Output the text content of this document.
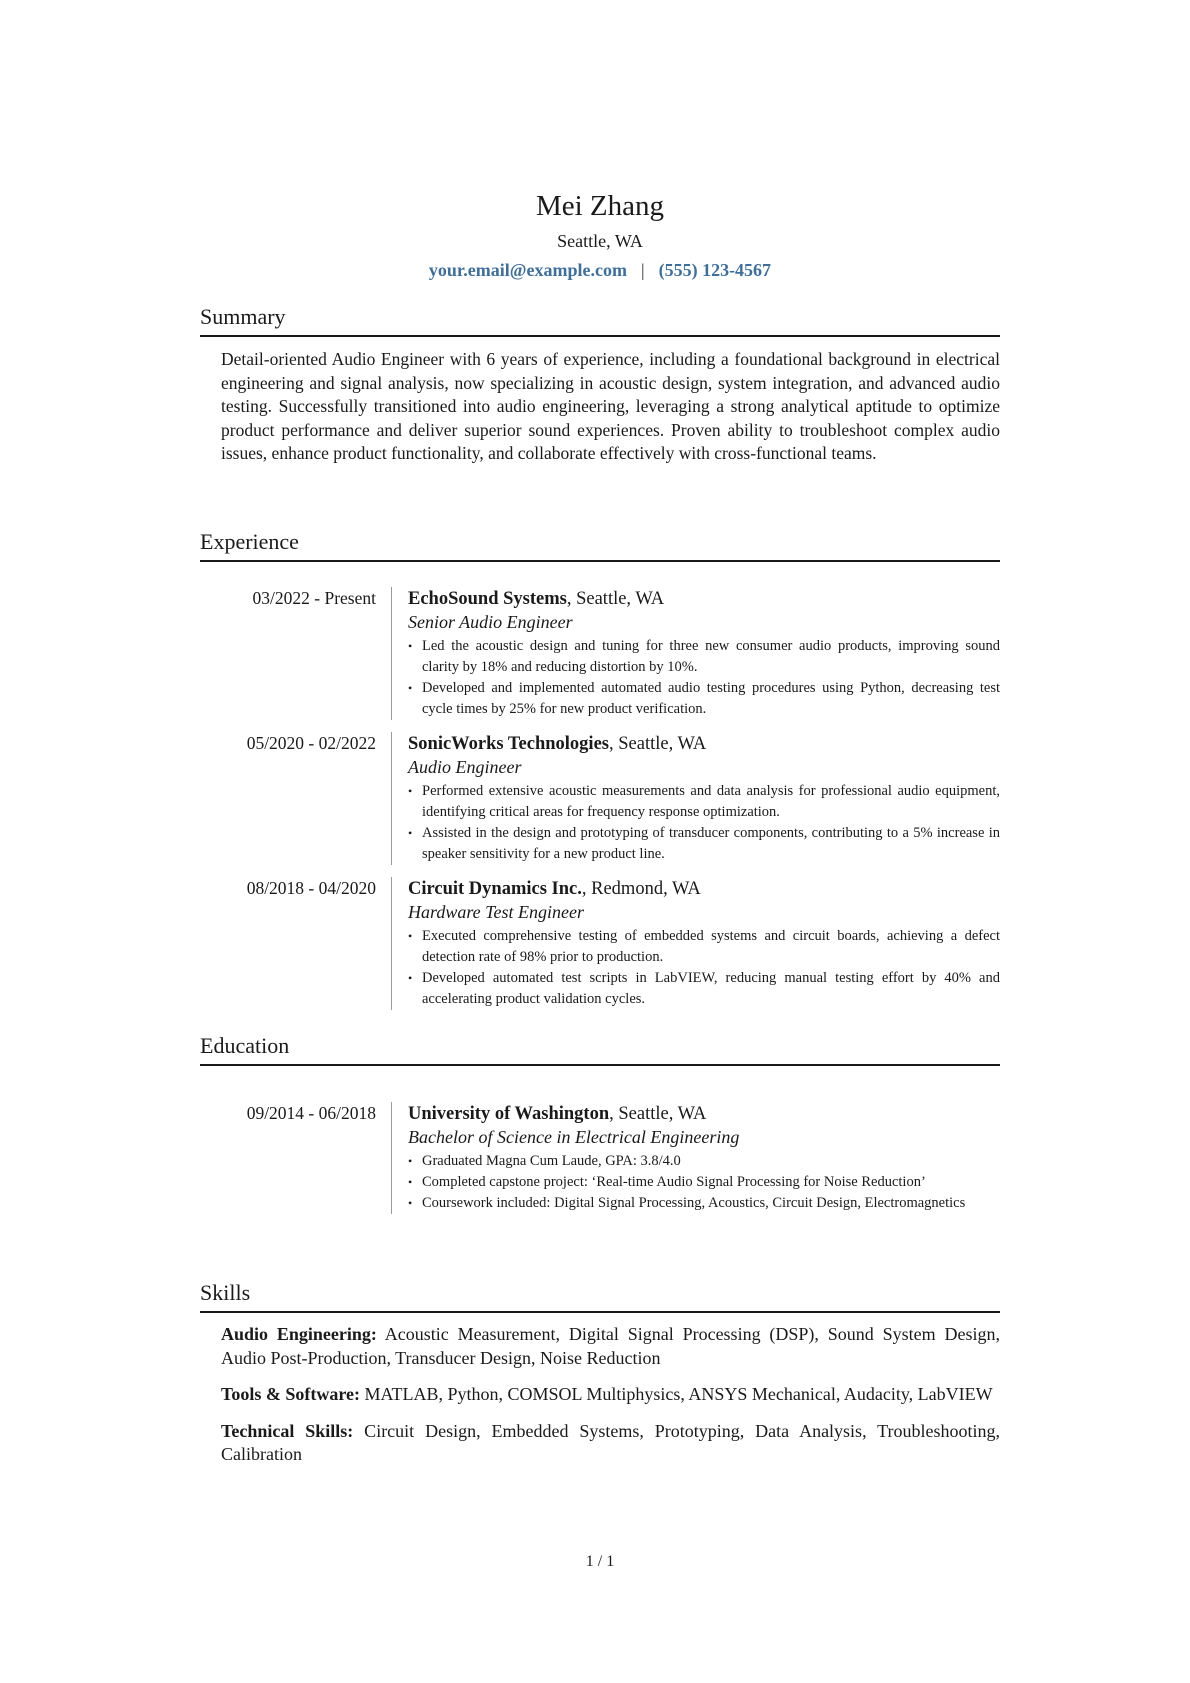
Mei Zhang
Seattle, WA
your.email@example.com | (555) 123-4567
Summary

Detail-oriented Audio Engineer with 6 years of experience, including a foundational background in electrical engineering and signal analysis, now specializing in acoustic design, system integration, and advanced audio testing. Successfully transitioned into audio engineering, leveraging a strong analytical aptitude to optimize product performance and deliver superior sound experiences. Proven ability to troubleshoot complex audio issues, enhance product functionality, and collaborate effectively with cross-functional teams.

Experience
03/2022 - Present EchoSound Systems, Seattle, WA
Senior Audio Engineer
• Led the acoustic design and tuning for three new consumer audio products, improving sound clarity by 18% and reducing distortion by 10%.
• Developed and implemented automated audio testing procedures using Python, decreasing test cycle times by 25% for new product verification.
05/2020 - 02/2022 SonicWorks Technologies, Seattle, WA
Audio Engineer
• Performed extensive acoustic measurements and data analysis for professional audio equipment, identifying critical areas for frequency response optimization.
• Assisted in the design and prototyping of transducer components, contributing to a 5% increase in speaker sensitivity for a new product line.
08/2018 - 04/2020 Circuit Dynamics Inc., Redmond, WA
Hardware Test Engineer
• Executed comprehensive testing of embedded systems and circuit boards, achieving a defect detection rate of 98% prior to production.
• Developed automated test scripts in LabVIEW, reducing manual testing effort by 40% and accelerating product validation cycles.
Education
09/2014 - 06/2018 University of Washington, Seattle, WA
Bachelor of Science in Electrical Engineering
• Graduated Magna Cum Laude, GPA: 3.8/4.0
• Completed capstone project: ‘Real-time Audio Signal Processing for Noise Reduction’
• Coursework included: Digital Signal Processing, Acoustics, Circuit Design, Electromagnetics
Skills
Audio Engineering: Acoustic Measurement, Digital Signal Processing (DSP), Sound System Design, Audio Post-Production, Transducer Design, Noise Reduction
Tools & Software: MATLAB, Python, COMSOL Multiphysics, ANSYS Mechanical, Audacity, LabVIEW
Technical Skills: Circuit Design, Embedded Systems, Prototyping, Data Analysis, Troubleshooting, Calibration
1 / 1
